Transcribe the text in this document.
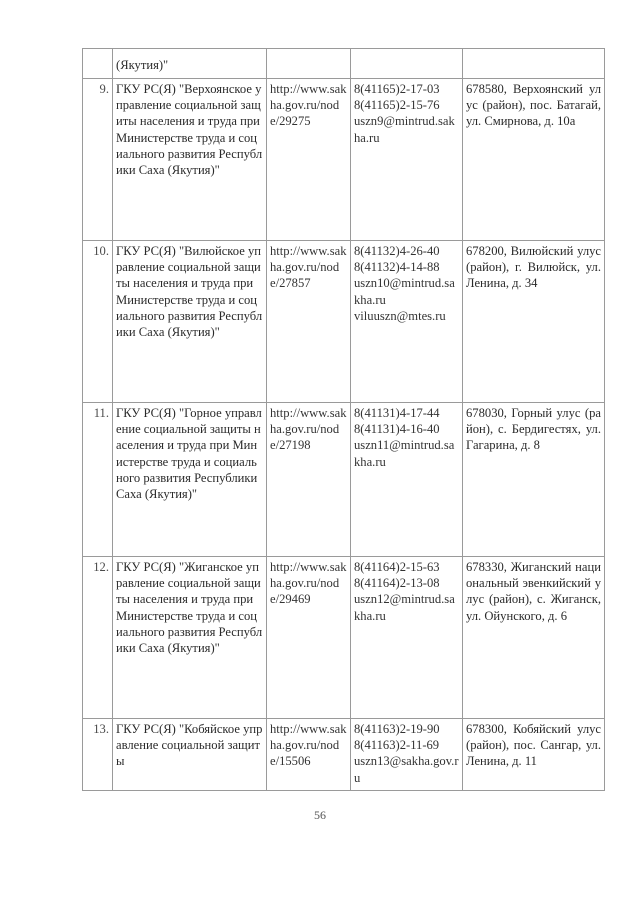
	(Якутия)"			
9.	ГКУ РС(Я) "Верхоянское управление социальной защиты населения и труда при Министерстве труда и социального развития Республики Саха (Якутия)"	http://www.sakha.gov.ru/node/29275	8(41165)2-17-03
8(41165)2-15-76
uszn9@mintrud.sakha.ru	678580, Верхоянский улус (район), пос. Батагай, ул. Смирнова, д. 10а
10.	ГКУ РС(Я) "Вилюйское управление социальной защиты населения и труда при Министерстве труда и социального развития Республики Саха (Якутия)"	http://www.sakha.gov.ru/node/27857	8(41132)4-26-40
8(41132)4-14-88
uszn10@mintrud.sakha.ru
viluuszn@mtes.ru	678200, Вилюйский улус (район), г. Вилюйск, ул. Ленина, д. 34
11.	ГКУ РС(Я) "Горное управление социальной защиты населения и труда при Министерстве труда и социального развития Республики Саха (Якутия)"	http://www.sakha.gov.ru/node/27198	8(41131)4-17-44
8(41131)4-16-40
uszn11@mintrud.sakha.ru	678030, Горный улус (район), с. Бердигестях, ул. Гагарина, д. 8
12.	ГКУ РС(Я) "Жиганское управление социальной защиты населения и труда при Министерстве труда и социального развития Республики Саха (Якутия)"	http://www.sakha.gov.ru/node/29469	8(41164)2-15-63
8(41164)2-13-08
uszn12@mintrud.sakha.ru	678330, Жиганский национальный эвенкийский улус (район), с. Жиганск, ул. Ойунского, д. 6
13.	ГКУ РС(Я) "Кобяйское управление социальной защиты	http://www.sakha.gov.ru/node/15506	8(41163)2-19-90
8(41163)2-11-69
uszn13@sakha.gov.ru	678300, Кобяйский улус (район), пос. Сангар, ул. Ленина, д. 11
56
